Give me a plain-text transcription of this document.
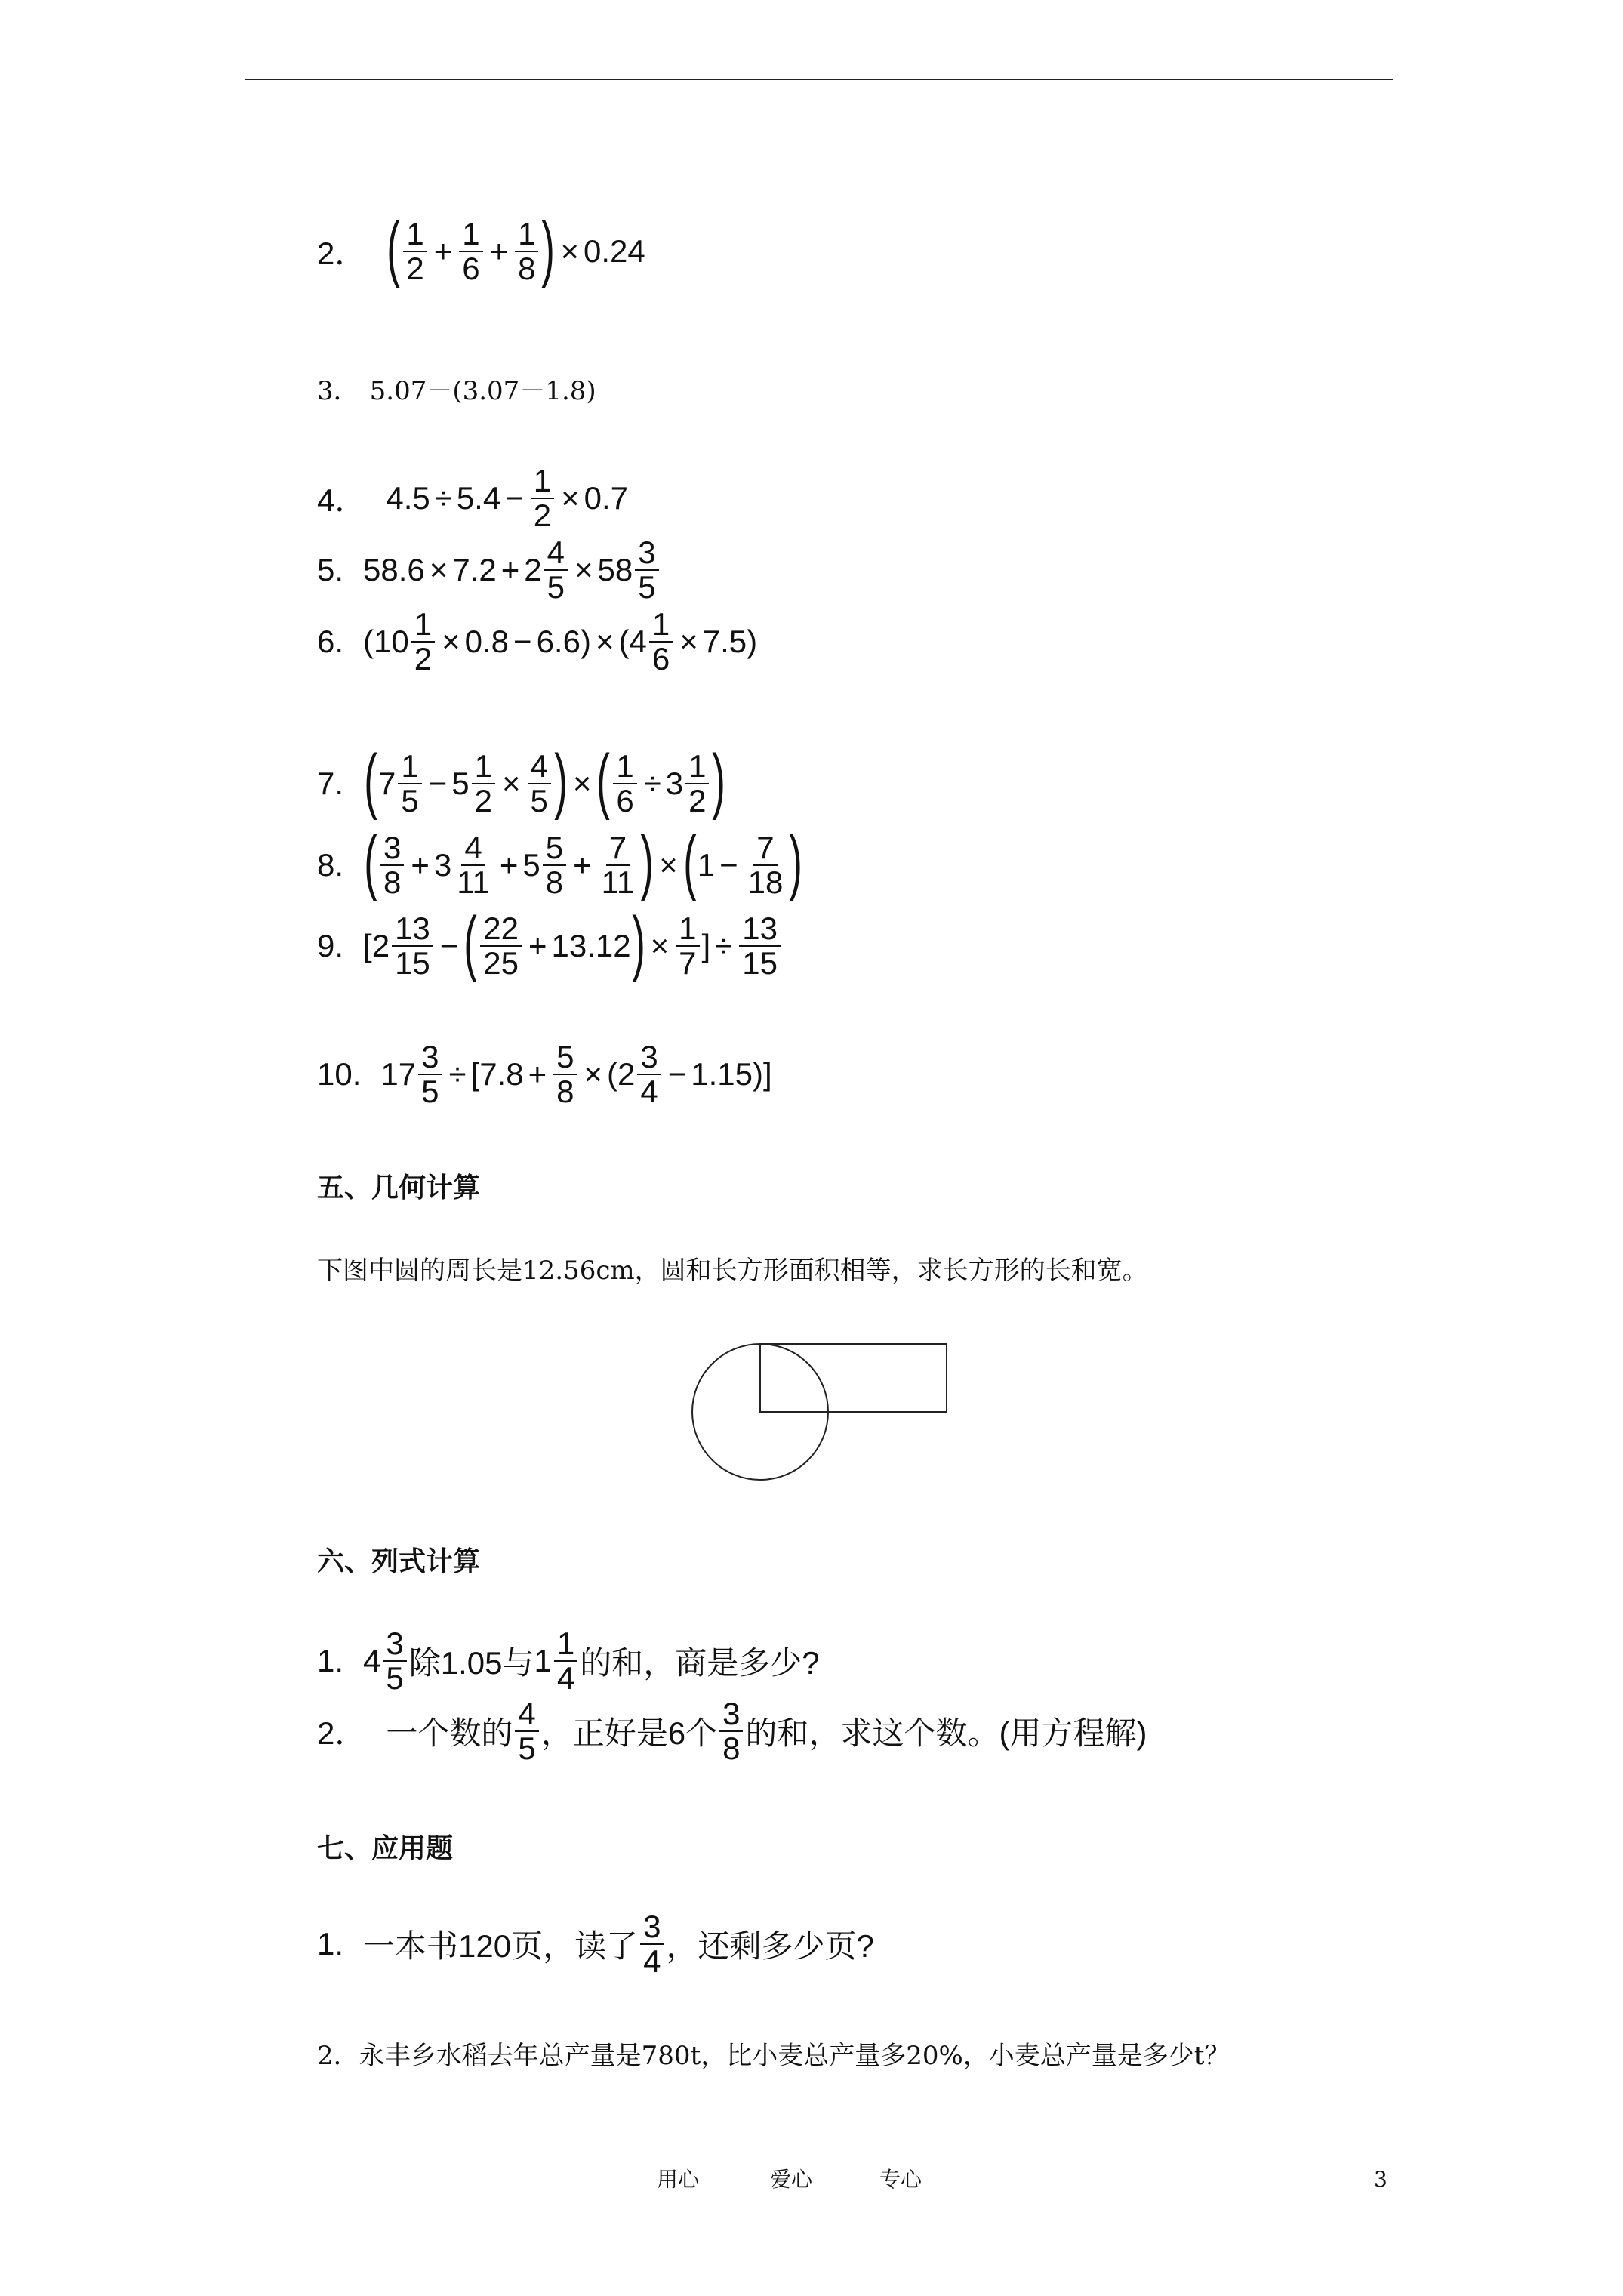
2． ( $\frac{1}{2} + \frac{1}{6} + \frac{1}{8}$ ) × 0.24
3． 5.07－(3.07－1.8)
4． $4.5 \div 5.4 - \frac{1}{2} \times 0.7$
5. $58.6 \times 7.2 + 2 \frac{4}{5} \times 58 \frac{3}{5}$
6. ( $10 \frac{1}{2} \times 0.8 - 6.6$) × ( $4 \frac{1}{6} \times 7.5$)
7. ( $7 \frac{1}{5} - 5 \frac{1}{2} \times \frac{4}{5}$ ) × ( $\frac{1}{6} \div 3 \frac{1}{2}$ )
8. ( $\frac{3}{8} + 3 \frac{4}{11} + 5 \frac{5}{8} + \frac{7}{11}$ ) × ( $1 - \frac{7}{18}$ )
9. [ $2 \frac{13}{15}$ − ( $\frac{22}{25} + 13.12$ ) × $\frac{1}{7}$ ] ÷ $\frac{13}{15}$
10. $17 \frac{3}{5} \div [7.8 + \frac{5}{8}$ × ( $2 \frac{3}{4} - 1.15$)]
五、几何计算
下图中圆的周长是12.56cm，圆和长方形面积相等，求长方形的长和宽。
六、列式计算
1. $4 \frac{3}{5}$ 除1.05与 $1 \frac{1}{4}$ 的和，商是多少?
2． 一个数的 $\frac{4}{5}$ ，正好是6个 $\frac{3}{8}$ 的和，求这个数。(用方程解)
七、应用题
1. 一本书120页，读了 $\frac{3}{4}$ ，还剩多少页?
2．永丰乡水稻去年总产量是780t，比小麦总产量多20%，小麦总产量是多少t？
用心	爱心	专心	3
